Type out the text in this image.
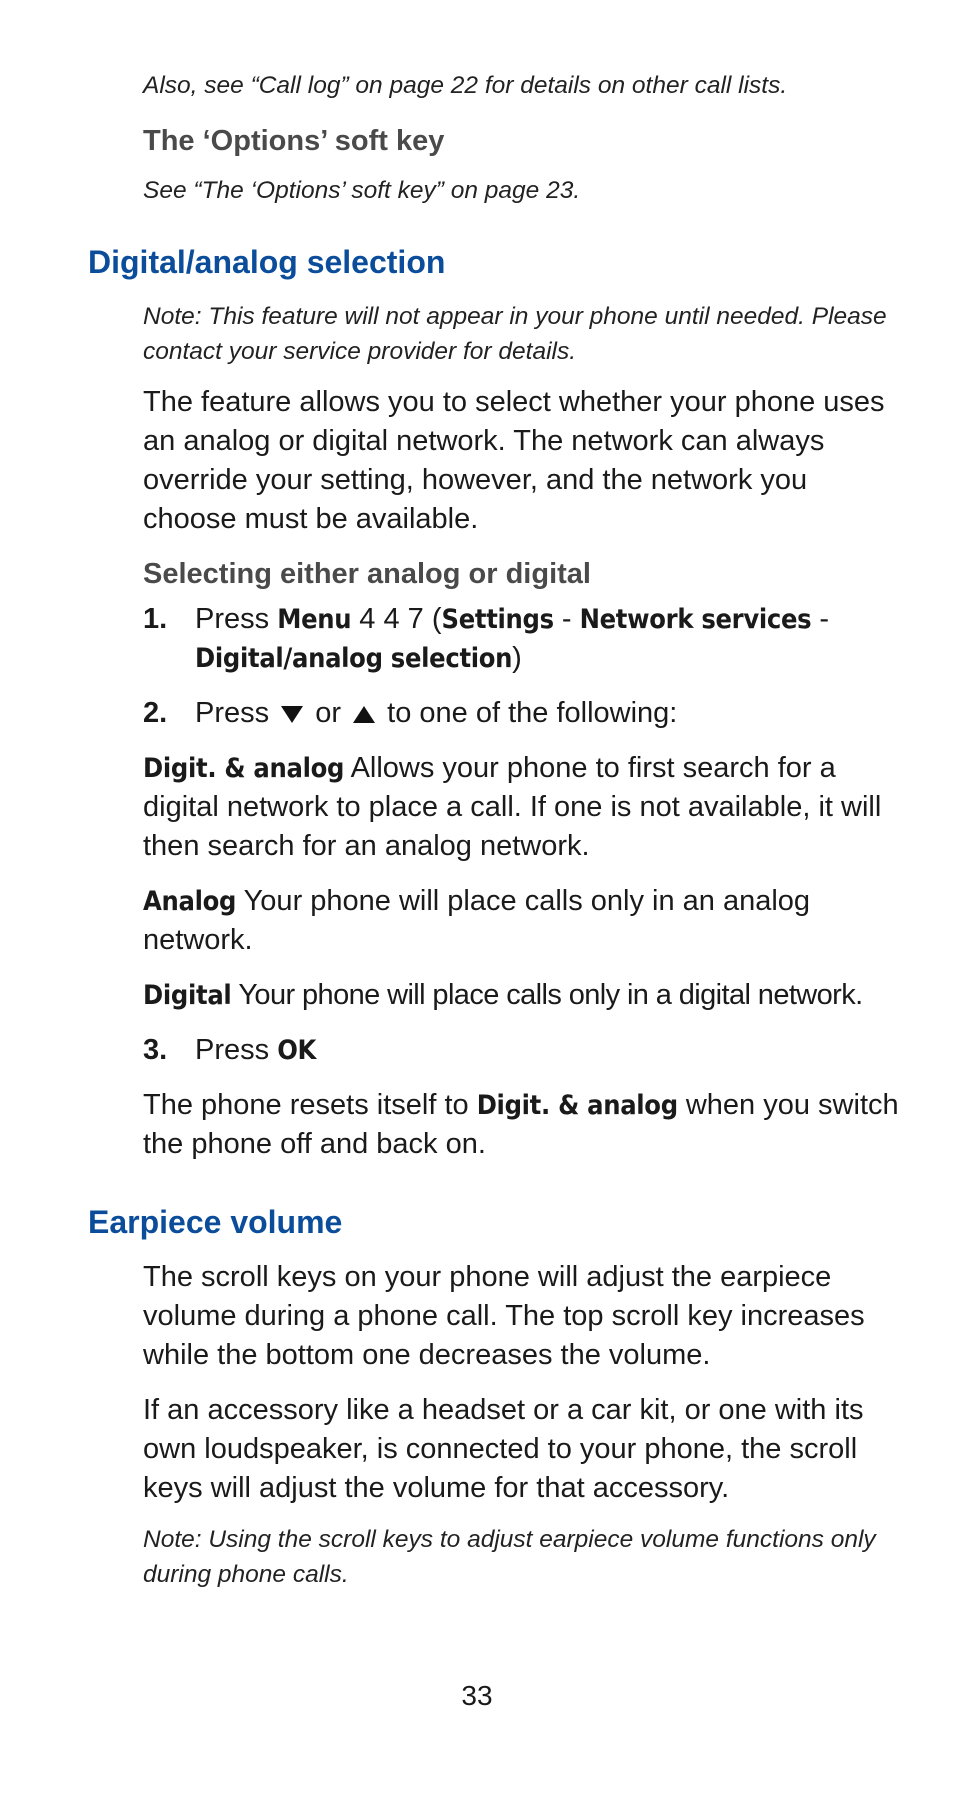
Also, see “Call log” on page 22 for details on other call lists.

The ‘Options’ soft key

See “The ‘Options’ soft key” on page 23.

Digital/analog selection

Note: This feature will not appear in your phone until needed. Please contact your service provider for details.

The feature allows you to select whether your phone uses an analog or digital network. The network can always override your setting, however, and the network you choose must be available.

Selecting either analog or digital
1. Press Menu 4 4 7 (Settings - Network services - Digital/analog selection)
2. Press  or  to one of the following:

Digit. & analog Allows your phone to first search for a digital network to place a call. If one is not available, it will then search for an analog network.

Analog Your phone will place calls only in an analog network.

Digital Your phone will place calls only in a digital network.

3. Press OK

The phone resets itself to Digit. & analog when you switch the phone off and back on.

Earpiece volume

The scroll keys on your phone will adjust the earpiece volume during a phone call. The top scroll key increases while the bottom one decreases the volume.

If an accessory like a headset or a car kit, or one with its own loudspeaker, is connected to your phone, the scroll keys will adjust the volume for that accessory.

Note: Using the scroll keys to adjust earpiece volume functions only during phone calls.

33
